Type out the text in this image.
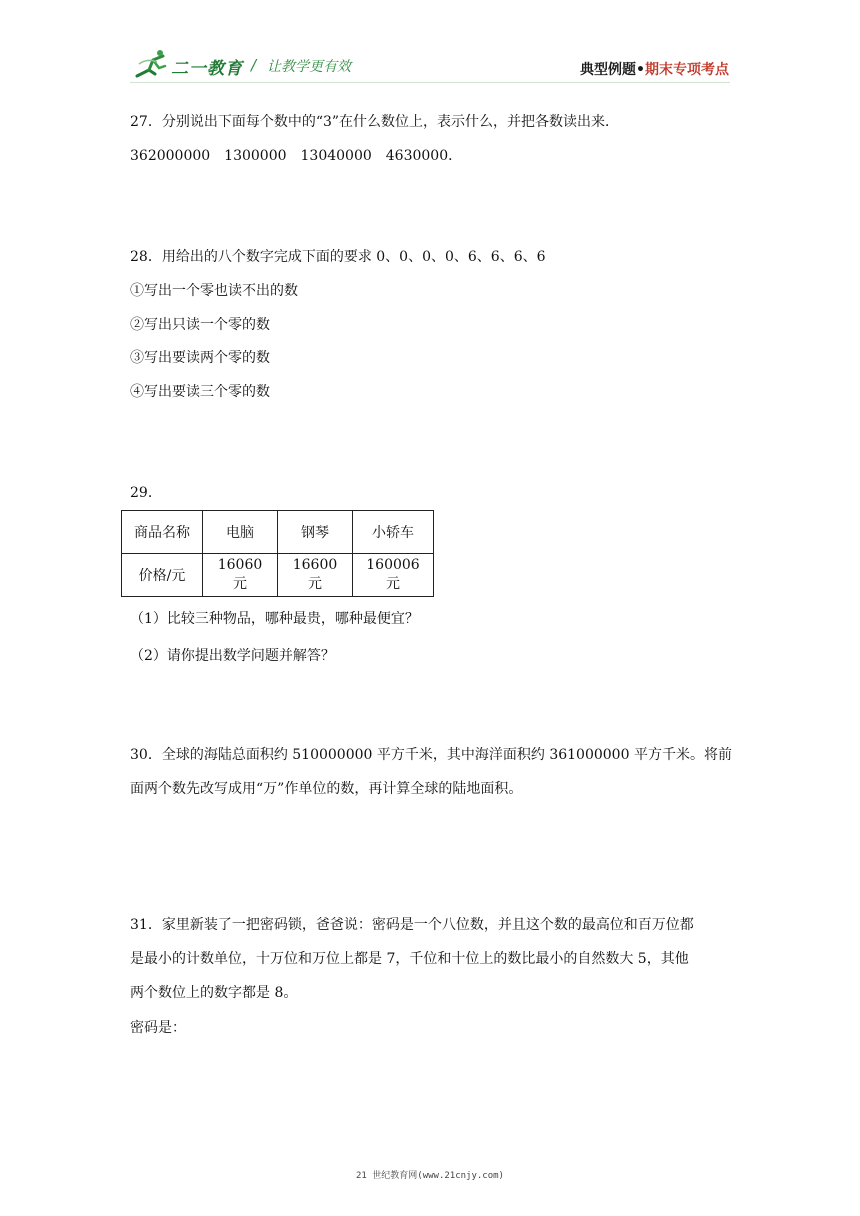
二一教育 / 让教学更有效	典型例题•期末专项考点
27．分别说出下面每个数中的“3”在什么数位上，表示什么，并把各数读出来．
362000000　1300000　13040000　4630000．
28．用给出的八个数字完成下面的要求 0、0、0、0、6、6、6、6
①写出一个零也读不出的数
②写出只读一个零的数
③写出要读两个零的数
④写出要读三个零的数
29．
商品名称	电脑	钢琴	小轿车
价格/元	16060 元	16600 元	160006 元
（1）比较三种物品，哪种最贵，哪种最便宜？
（2）请你提出数学问题并解答？
30．全球的海陆总面积约 510000000 平方千米，其中海洋面积约 361000000 平方千米。将前
面两个数先改写成用“万”作单位的数，再计算全球的陆地面积。
31．家里新装了一把密码锁，爸爸说：密码是一个八位数，并且这个数的最高位和百万位都
是最小的计数单位，十万位和万位上都是 7，千位和十位上的数比最小的自然数大 5，其他
两个数位上的数字都是 8。
密码是：
21 世纪教育网(www.21cnjy.com)
